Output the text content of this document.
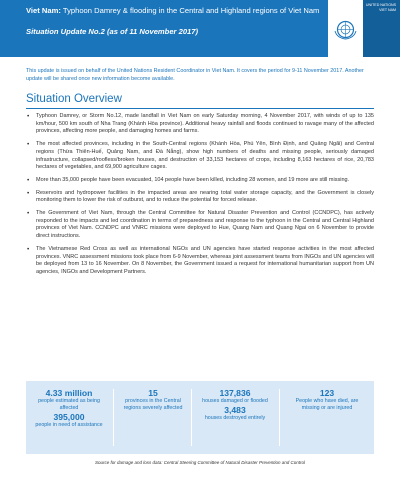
Viet Nam: Typhoon Damrey & flooding in the Central and Highland regions of Viet Nam
Situation Update No.2 (as of 11 November 2017)
UNITED NATIONS
VIET NAM
This update is issued on behalf of the United Nations Resident Coordinator in Viet Nam. It covers the period for 9-11 November 2017. Another update will be shared once new information become available.
Situation Overview
• Typhoon Damrey, or Storm No.12, made landfall in Viet Nam on early Saturday morning, 4 November 2017, with winds of up to 135 km/hour, 500 km south of Nha Trang (Khánh Hòa province). Additional heavy rainfall and floods continued to ravage many of the affected provinces, affecting more people, and damaging homes and farms.
• The most affected provinces, including in the South-Central regions (Khánh Hòa, Phú Yên, Bình Định, and Quảng Ngãi) and Central regions (Thừa Thiên-Huế, Quảng Nam, and Đà Nẵng), show high numbers of deaths and missing people, seriously damaged infrastructure, collapsed/roofless/broken houses, and destruction of 33,153 hectares of crops, including 8,163 hectares of rice, 20,783 hectares of vegetables, and 69,900 agriculture cages.
• More than 35,000 people have been evacuated, 104 people have been killed, including 28 women, and 19 more are still missing.
• Reservoirs and hydropower facilities in the impacted areas are nearing total water storage capacity, and the Government is closely monitoring them to lower the risk of outburst, and to reduce the potential for forced release.
• The Government of Viet Nam, through the Central Committee for Natural Disaster Prevention and Control (CCNDPC), has actively responded to the impacts and led coordination in terms of preparedness and response to the typhoon in the Central and Central Highland provinces of Viet Nam. CCNDPC and VNRC missions were deployed to Hue, Quang Nam and Quang Ngai on 6 November to provide direct instructions.
• The Vietnamese Red Cross as well as international NGOs and UN agencies have started response activities in the most affected provinces. VNRC assessment missions took place from 6-9 November, whereas joint assessment teams from INGOs and UN agencies will be deployed from 13 to 16 November. On 8 November, the Government issued a request for international humanitarian support from UN agencies, INGOs and Development Partners.
4.33 million
people estimated as being affected
395,000
people in need of assistance
15
provinces in the Central regions severely affected
137,836
houses damaged or flooded
3,483
houses destroyed entirely
123
People who have died, are missing or are injured
Source for damage and loss data: Central Steering Committee of Natural Disaster Prevention and Control
